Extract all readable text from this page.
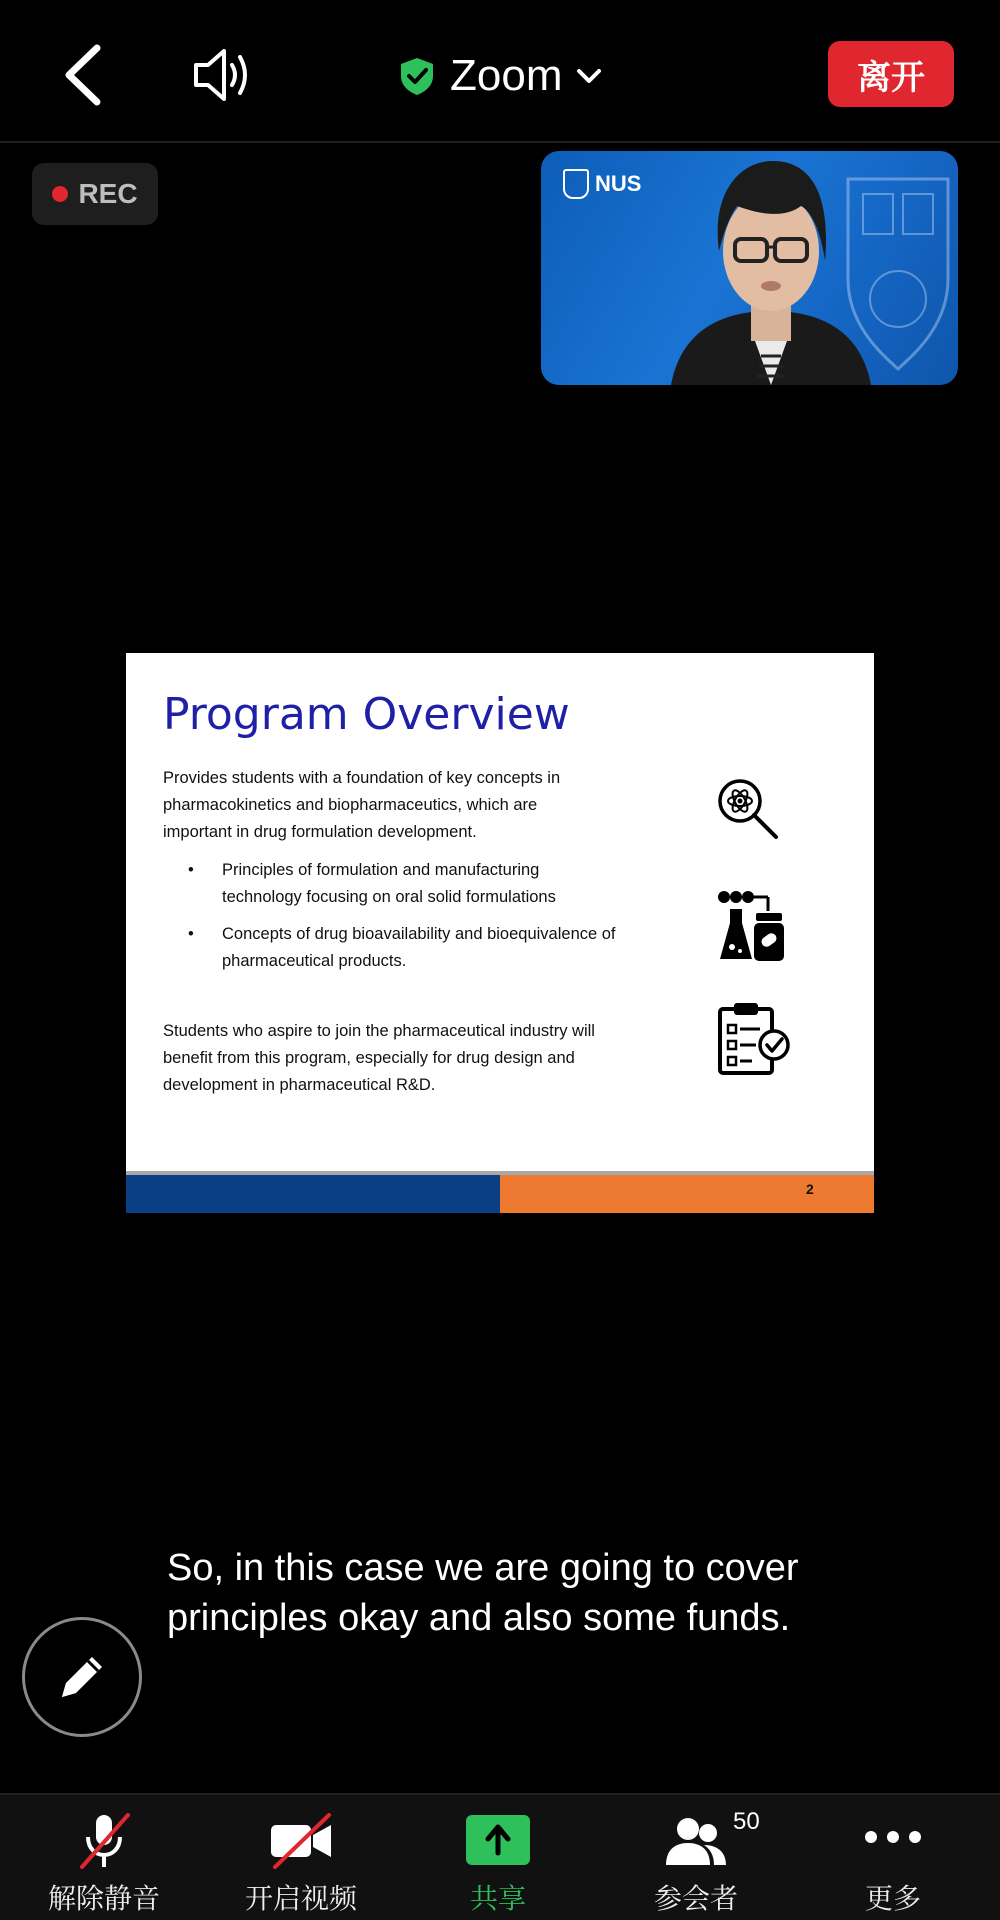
Zoom	离开
REC	NUS
Program Overview

Provides students with a foundation of key concepts in pharmacokinetics and biopharmaceutics, which are important in drug formulation development.

• Principles of formulation and manufacturing technology focusing on oral solid formulations
• Concepts of drug bioavailability and bioequivalence of pharmaceutical products.

Students who aspire to join the pharmaceutical industry will benefit from this program, especially for drug design and development in pharmaceutical R&D.

2
So, in this case we are going to cover principles okay and also some funds.
解除静音	开启视频	共享	参会者	更多
50
